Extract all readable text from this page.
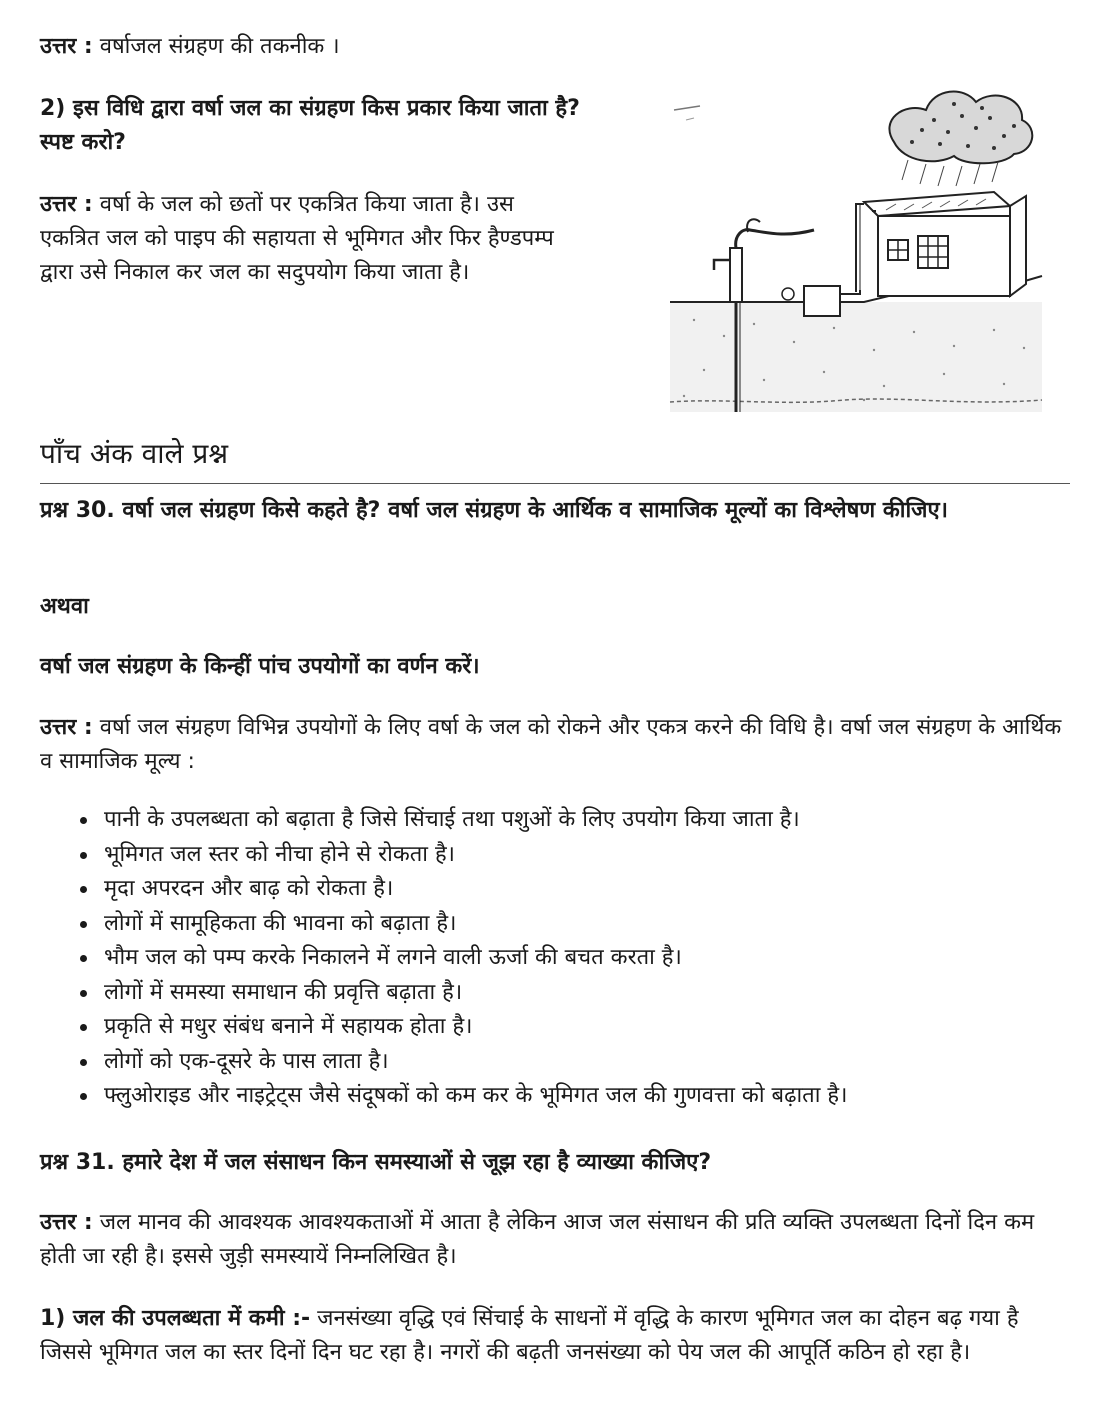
उत्तर : वर्षाजल संग्रहण की तकनीक ।

2) इस विधि द्वारा वर्षा जल का संग्रहण किस प्रकार किया जाता है? स्पष्ट करो?

उत्तर : वर्षा के जल को छतों पर एकत्रित किया जाता है। उस एकत्रित जल को पाइप की सहायता से भूमिगत और फिर हैण्डपम्प द्वारा उसे निकाल कर जल का सदुपयोग किया जाता है।

पाँच अंक वाले प्रश्न

प्रश्न 30. वर्षा जल संग्रहण किसे कहते है? वर्षा जल संग्रहण के आर्थिक व सामाजिक मूल्यों का विश्लेषण कीजिए।

अथवा

वर्षा जल संग्रहण के किन्हीं पांच उपयोगों का वर्णन करें।

उत्तर : वर्षा जल संग्रहण विभिन्न उपयोगों के लिए वर्षा के जल को रोकने और एकत्र करने की विधि है। वर्षा जल संग्रहण के आर्थिक व सामाजिक मूल्य :

पानी के उपलब्धता को बढ़ाता है जिसे सिंचाई तथा पशुओं के लिए उपयोग किया जाता है।
भूमिगत जल स्तर को नीचा होने से रोकता है।
मृदा अपरदन और बाढ़ को रोकता है।
लोगों में सामूहिकता की भावना को बढ़ाता है।
भौम जल को पम्प करके निकालने में लगने वाली ऊर्जा की बचत करता है।
लोगों में समस्या समाधान की प्रवृत्ति बढ़ाता है।
प्रकृति से मधुर संबंध बनाने में सहायक होता है।
लोगों को एक-दूसरे के पास लाता है।
फ्लुओराइड और नाइट्रेट्स जैसे संदूषकों को कम कर के भूमिगत जल की गुणवत्ता को बढ़ाता है।

प्रश्न 31. हमारे देश में जल संसाधन किन समस्याओं से जूझ रहा है व्याख्या कीजिए?

उत्तर : जल मानव की आवश्यक आवश्यकताओं में आता है लेकिन आज जल संसाधन की प्रति व्यक्ति उपलब्धता दिनों दिन कम होती जा रही है। इससे जुड़ी समस्यायें निम्नलिखित है।

1) जल की उपलब्धता में कमी :- जनसंख्या वृद्धि एवं सिंचाई के साधनों में वृद्धि के कारण भूमिगत जल का दोहन बढ़ गया है जिससे भूमिगत जल का स्तर दिनों दिन घट रहा है। नगरों की बढ़ती जनसंख्या को पेय जल की आपूर्ति कठिन हो रहा है।
